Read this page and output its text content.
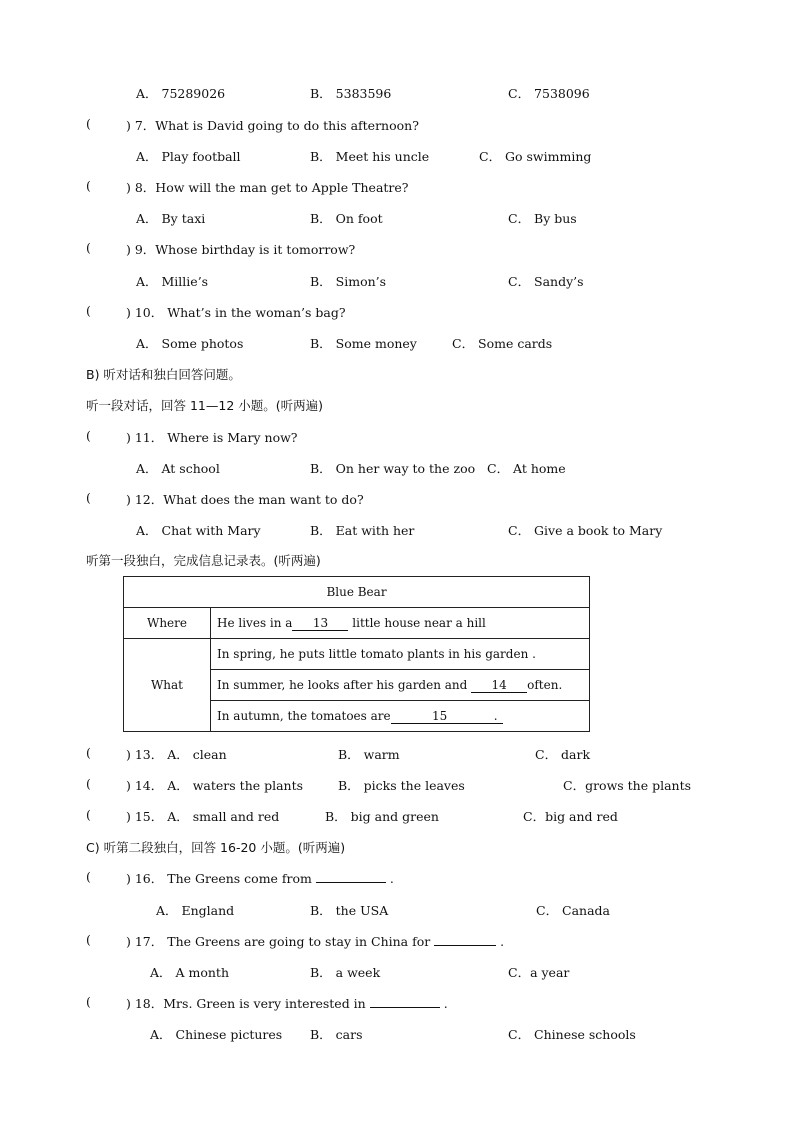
A． 75289026	B． 5383596	C． 7538096
(	) 7．What is David going to do this afternoon?
A． Play football	B． Meet his uncle	C． Go swimming
(	) 8．How will the man get to Apple Theatre?
A． By taxi	B． On foot	C． By bus
(	) 9．Whose birthday is it tomorrow?
A． Millie’s	B． Simon’s	C． Sandy’s
(	) 10． What’s in the woman’s bag?
A． Some photos	B． Some money	C． Some cards
B) 听对话和独白回答问题。
听一段对话，回答 11—12 小题。(听两遍)
(	) 11． Where is Mary now?
A． At school	B． On her way to the zoo C． At home
(	) 12．What does the man want to do?
A． Chat with Mary	B． Eat with her	C． Give a book to Mary
听第一段独白，完成信息记录表。(听两遍)
Blue Bear	
Where	He lives in a 13 little house near a hill
What	In spring, he puts little tomato plants in his garden .
	In summer, he looks after his garden and 14 often.
	In autumn, the tomatoes are 15 .
(	) 13． A． clean	B． warm	C． dark
(	) 14． A． waters the plants	B． picks the leaves	C．grows the plants
(	) 15． A． small and red	B． big and green	C．big and red
C) 听第二段独白，回答 16-20 小题。(听两遍)
(	) 16． The Greens come from	.
A． England	B． the USA	C． Canada
(	) 17． The Greens are going to stay in China for	.
A． A month	B． a week	C．a year
(	) 18．Mrs. Green is very interested in	.
A． Chinese pictures B． cars	C． Chinese schools
